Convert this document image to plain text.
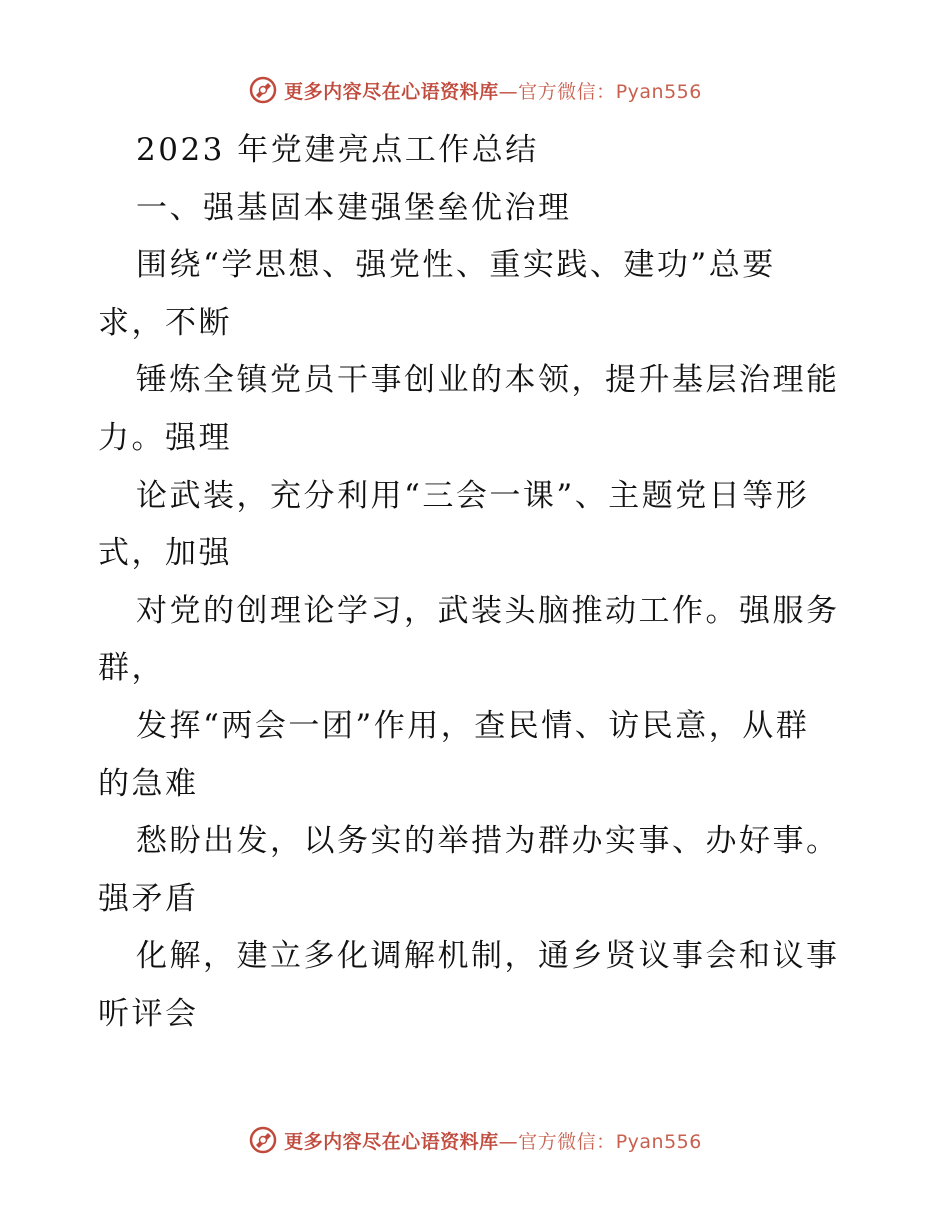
更多内容尽在心语资料库—官方微信：Pyan556
2023 年党建亮点工作总结
一、强基固本建强堡垒优治理
围绕“学思想、强党性、重实践、建功”总要
求，不断
锤炼全镇党员干事创业的本领，提升基层治理能
力。强理
论武装，充分利用“三会一课”、主题党日等形
式，加强
对党的创理论学习，武装头脑推动工作。强服务
群，
发挥“两会一团”作用，查民情、访民意，从群
的急难
愁盼出发，以务实的举措为群办实事、办好事。
强矛盾
化解，建立多化调解机制，通乡贤议事会和议事
听评会
更多内容尽在心语资料库—官方微信：Pyan556
